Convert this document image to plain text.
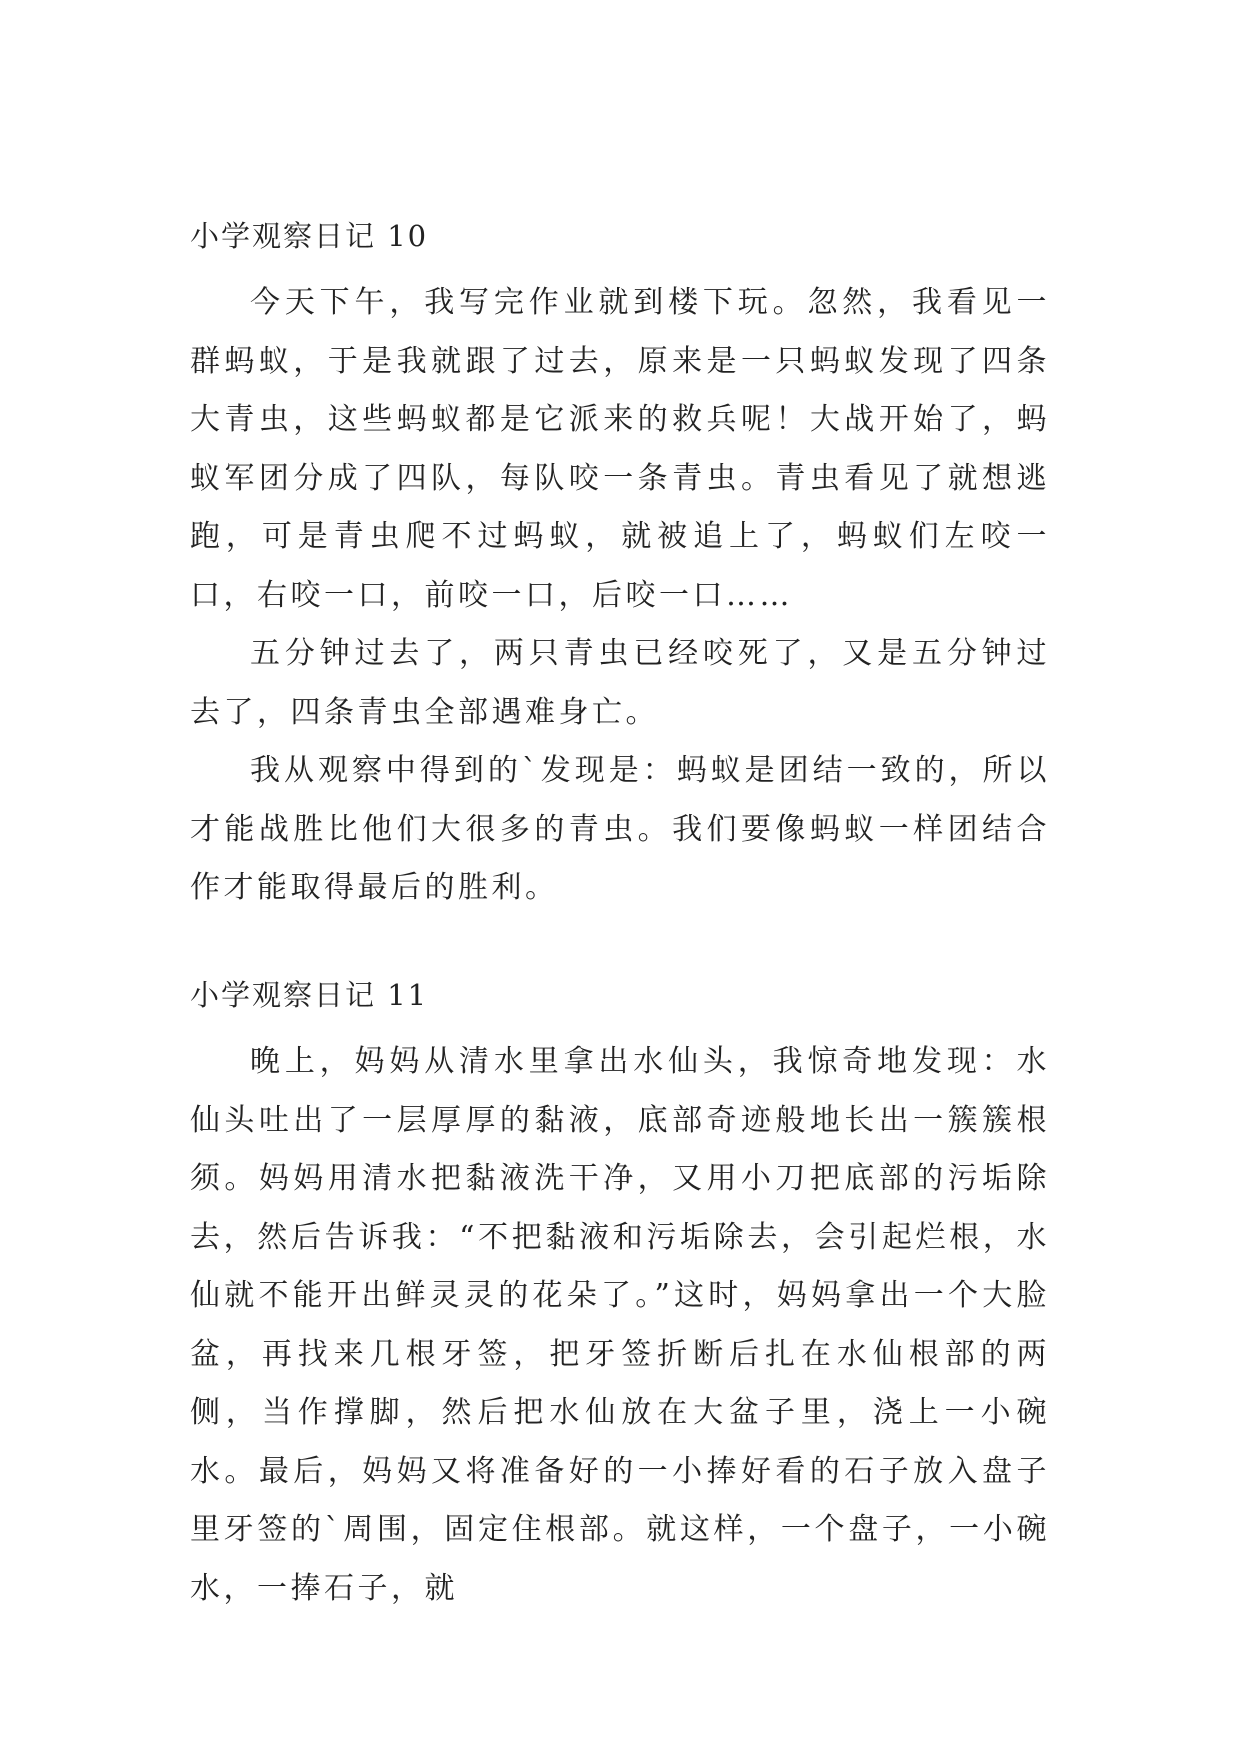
小学观察日记 10

今天下午，我写完作业就到楼下玩。忽然，我看见一群蚂蚁，于是我就跟了过去，原来是一只蚂蚁发现了四条大青虫，这些蚂蚁都是它派来的救兵呢！大战开始了，蚂蚁军团分成了四队，每队咬一条青虫。青虫看见了就想逃跑，可是青虫爬不过蚂蚁，就被追上了，蚂蚁们左咬一口，右咬一口，前咬一口，后咬一口……

五分钟过去了，两只青虫已经咬死了，又是五分钟过去了，四条青虫全部遇难身亡。

我从观察中得到的`发现是：蚂蚁是团结一致的，所以才能战胜比他们大很多的青虫。我们要像蚂蚁一样团结合作才能取得最后的胜利。

小学观察日记 11

晚上，妈妈从清水里拿出水仙头，我惊奇地发现：水仙头吐出了一层厚厚的黏液，底部奇迹般地长出一簇簇根须。妈妈用清水把黏液洗干净，又用小刀把底部的污垢除去，然后告诉我：“不把黏液和污垢除去，会引起烂根，水仙就不能开出鲜灵灵的花朵了。”这时，妈妈拿出一个大脸盆，再找来几根牙签，把牙签折断后扎在水仙根部的两侧，当作撑脚，然后把水仙放在大盆子里，浇上一小碗水。最后，妈妈又将准备好的一小捧好看的石子放入盘子里牙签的`周围，固定住根部。就这样，一个盘子，一小碗水，一捧石子，就
